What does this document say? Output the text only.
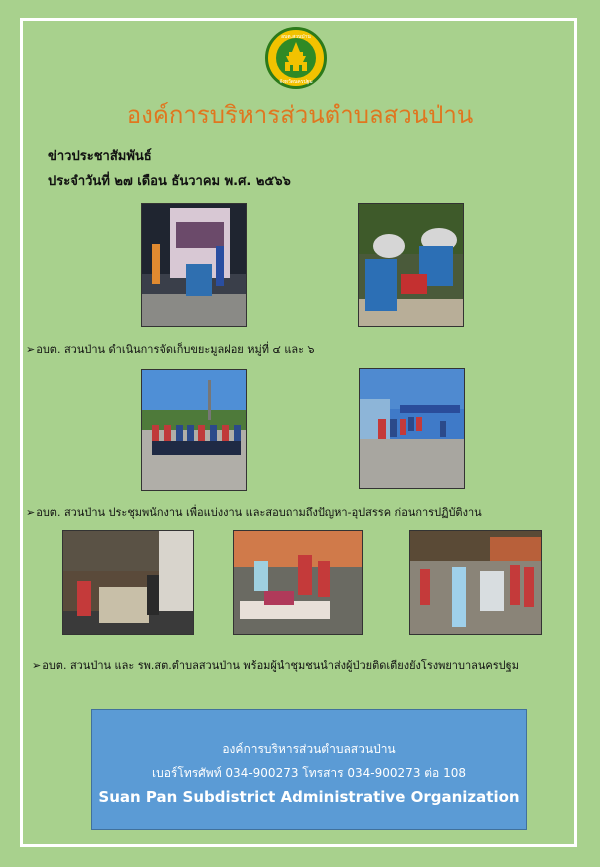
อบต.สวนป่าน
จังหวัดนครปฐม
องค์การบริหารส่วนตำบลสวนป่าน
ข่าวประชาสัมพันธ์
ประจำวันที่ ๒๗ เดือน ธันวาคม พ.ศ. ๒๕๖๖
➢อบต. สวนป่าน ดำเนินการจัดเก็บขยะมูลฝอย หมู่ที่ ๔ และ ๖
➢อบต. สวนป่าน ประชุมพนักงาน เพื่อแบ่งงาน และสอบถามถึงปัญหา-อุปสรรค ก่อนการปฏิบัติงาน
➢อบต. สวนป่าน และ รพ.สต.ตำบลสวนป่าน พร้อมผู้นำชุมชนนำส่งผู้ป่วยติดเตียงยังโรงพยาบาลนครปฐม
องค์การบริหารส่วนตำบลสวนป่าน
เบอร์โทรศัพท์ 034-900273 โทรสาร 034-900273 ต่อ 108
Suan Pan Subdistrict Administrative Organization
